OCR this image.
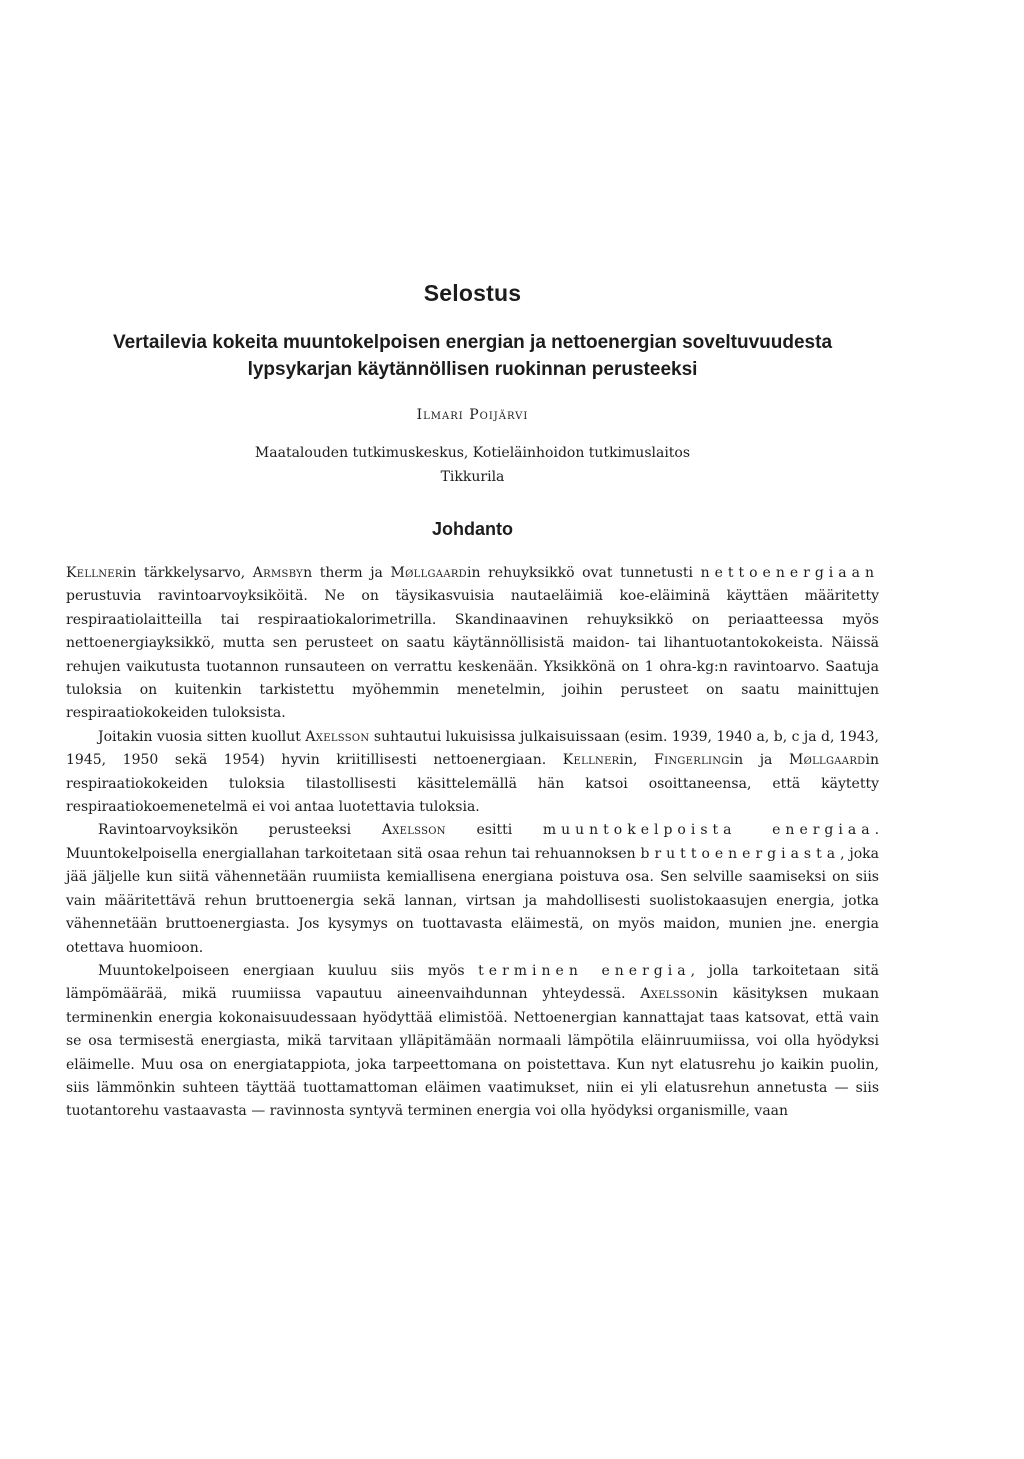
Selostus
Vertailevia kokeita muuntokelpoisen energian ja nettoenergian soveltuvuudesta lypsykarjan käytännöllisen ruokinnan perusteeksi
Ilmari Poijärvi

Maatalouden tutkimuskeskus, Kotieläinhoidon tutkimuslaitos

Tikkurila

Johdanto

Kellnerin tärkkelysarvo, Armsbyn therm ja Møllgaardin rehuyksikkö ovat tunnetusti nettoenergiaan perustuvia ravintoarvoyksiköitä. Ne on täysikasvuisia nautaeläimiä koe-eläiminä käyttäen määritetty respiraatiolaitteilla tai respiraatiokalorimetrilla. Skandinaavinen rehuyksikkö on periaatteessa myös nettoenergiayksikkö, mutta sen perusteet on saatu käytännöllisistä maidon- tai lihantuotantokokeista. Näissä rehujen vaikutusta tuotannon runsauteen on verrattu keskenään. Yksikkönä on 1 ohra-kg:n ravintoarvo. Saatuja tuloksia on kuitenkin tarkistettu myöhemmin menetelmin, joihin perusteet on saatu mainittujen respiraatiokokeiden tuloksista.

Joitakin vuosia sitten kuollut Axelsson suhtautui lukuisissa julkaisuissaan (esim. 1939, 1940 a, b, c ja d, 1943, 1945, 1950 sekä 1954) hyvin kriitillisesti nettoenergiaan. Kellnerin, Fingerlingin ja Møllgaardin respiraatiokokeiden tuloksia tilastollisesti käsittelemällä hän katsoi osoittaneensa, että käytetty respiraatiokoemenetelmä ei voi antaa luotettavia tuloksia.

Ravintoarvoyksikön perusteeksi Axelsson esitti muuntokelpoista energiaa. Muuntokelpoisella energiallahan tarkoitetaan sitä osaa rehun tai rehuannoksen bruttoenergiasta, joka jää jäljelle kun siitä vähennetään ruumiista kemiallisena energiana poistuva osa. Sen selville saamiseksi on siis vain määritettävä rehun bruttoenergia sekä lannan, virtsan ja mahdollisesti suolistokaasujen energia, jotka vähennetään bruttoenergiasta. Jos kysymys on tuottavasta eläimestä, on myös maidon, munien jne. energia otettava huomioon.

Muuntokelpoiseen energiaan kuuluu siis myös terminen energia, jolla tarkoitetaan sitä lämpömäärää, mikä ruumiissa vapautuu aineenvaihdunnan yhteydessä. Axelssonin käsityksen mukaan terminenkin energia kokonaisuudessaan hyödyttää elimistöä. Nettoenergian kannattajat taas katsovat, että vain se osa termisestä energiasta, mikä tarvitaan ylläpitämään normaali lämpötila eläinruumiissa, voi olla hyödyksi eläimelle. Muu osa on energiatappiota, joka tarpeettomana on poistettava. Kun nyt elatusrehu jo kaikin puolin, siis lämmönkin suhteen täyttää tuottamattoman eläimen vaatimukset, niin ei yli elatusrehun annetusta — siis tuotantorehu vastaavasta — ravinnosta syntyvä terminen energia voi olla hyödyksi organismille, vaan
